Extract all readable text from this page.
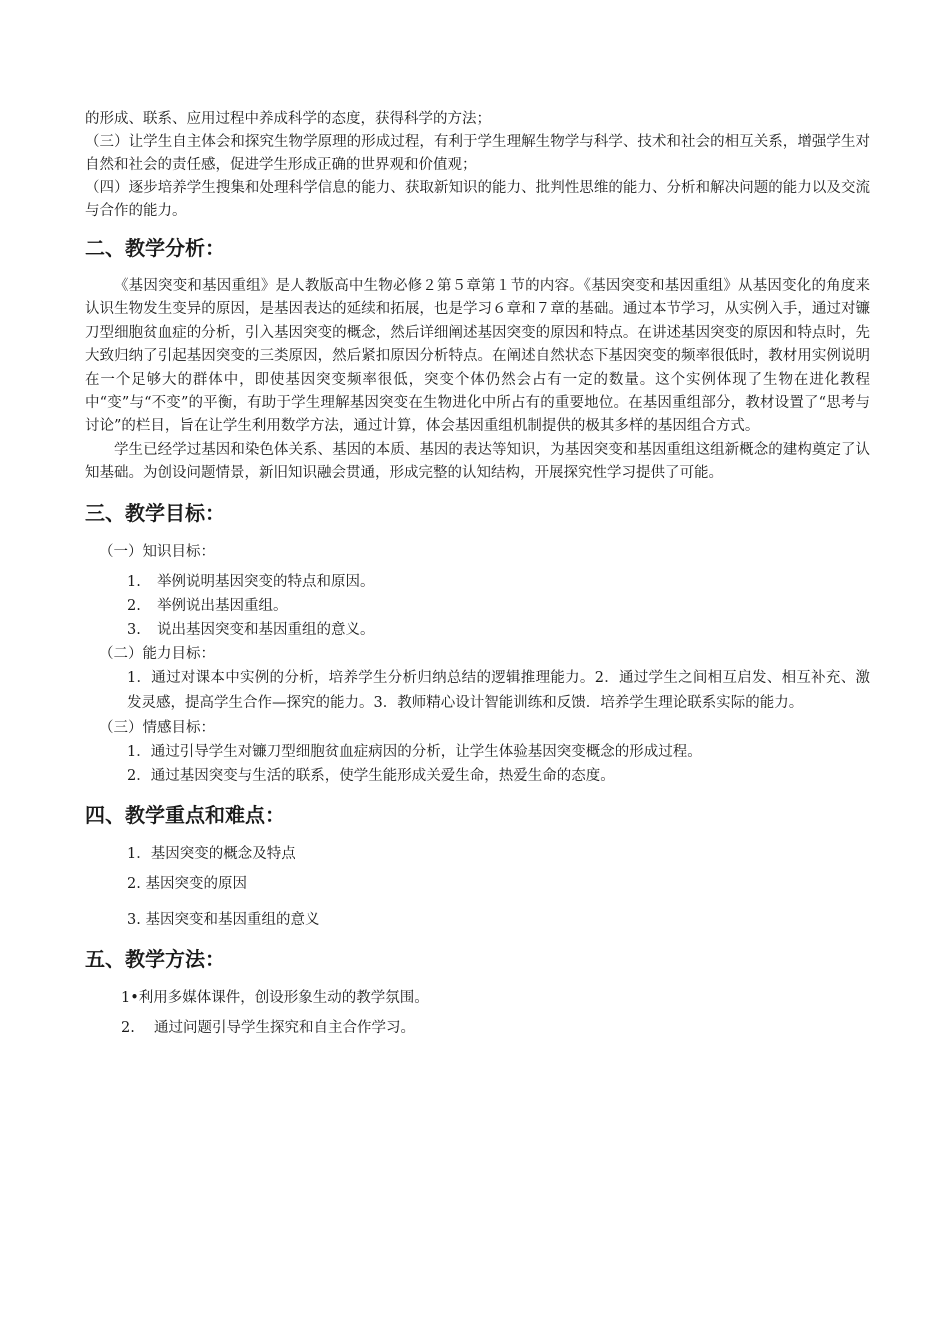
的形成、联系、应用过程中养成科学的态度，获得科学的方法；

（三）让学生自主体会和探究生物学原理的形成过程，有利于学生理解生物学与科学、技术和社会的相互关系，增强学生对自然和社会的责任感，促进学生形成正确的世界观和价值观；

（四）逐步培养学生搜集和处理科学信息的能力、获取新知识的能力、批判性思维的能力、分析和解决问题的能力以及交流与合作的能力。

二、教学分析：

《基因突变和基因重组》是人教版高中生物必修２第５章第１节的内容。《基因突变和基因重组》从基因变化的角度来认识生物发生变异的原因，是基因表达的延续和拓展，也是学习６章和７章的基础。通过本节学习，从实例入手，通过对镰刀型细胞贫血症的分析，引入基因突变的概念，然后详细阐述基因突变的原因和特点。在讲述基因突变的原因和特点时，先大致归纳了引起基因突变的三类原因，然后紧扣原因分析特点。在阐述自然状态下基因突变的频率很低时，教材用实例说明在一个足够大的群体中，即使基因突变频率很低，突变个体仍然会占有一定的数量。这个实例体现了生物在进化教程中“变”与“不变”的平衡，有助于学生理解基因突变在生物进化中所占有的重要地位。在基因重组部分，教材设置了“思考与讨论”的栏目，旨在让学生利用数学方法，通过计算，体会基因重组机制提供的极其多样的基因组合方式。

学生已经学过基因和染色体关系、基因的本质、基因的表达等知识，为基因突变和基因重组这组新概念的建构奠定了认知基础。为创设问题情景，新旧知识融会贯通，形成完整的认知结构，开展探究性学习提供了可能。

三、教学目标：

（一）知识目标：

1. 举例说明基因突变的特点和原因。

2. 举例说出基因重组。

3. 说出基因突变和基因重组的意义。

（二）能力目标：

1．通过对课本中实例的分析，培养学生分析归纳总结的逻辑推理能力。2．通过学生之间相互启发、相互补充、激发灵感，提高学生合作—探究的能力。3．教师精心设计智能训练和反馈．培养学生理论联系实际的能力。

（三）情感目标：

1．通过引导学生对镰刀型细胞贫血症病因的分析，让学生体验基因突变概念的形成过程。

2．通过基因突变与生活的联系，使学生能形成关爱生命，热爱生命的态度。

四、教学重点和难点：

1．基因突变的概念及特点

2. 基因突变的原因

3. 基因突变和基因重组的意义

五、教学方法：

1•利用多媒体课件，创设形象生动的教学氛围。

2.　 通过问题引导学生探究和自主合作学习。
